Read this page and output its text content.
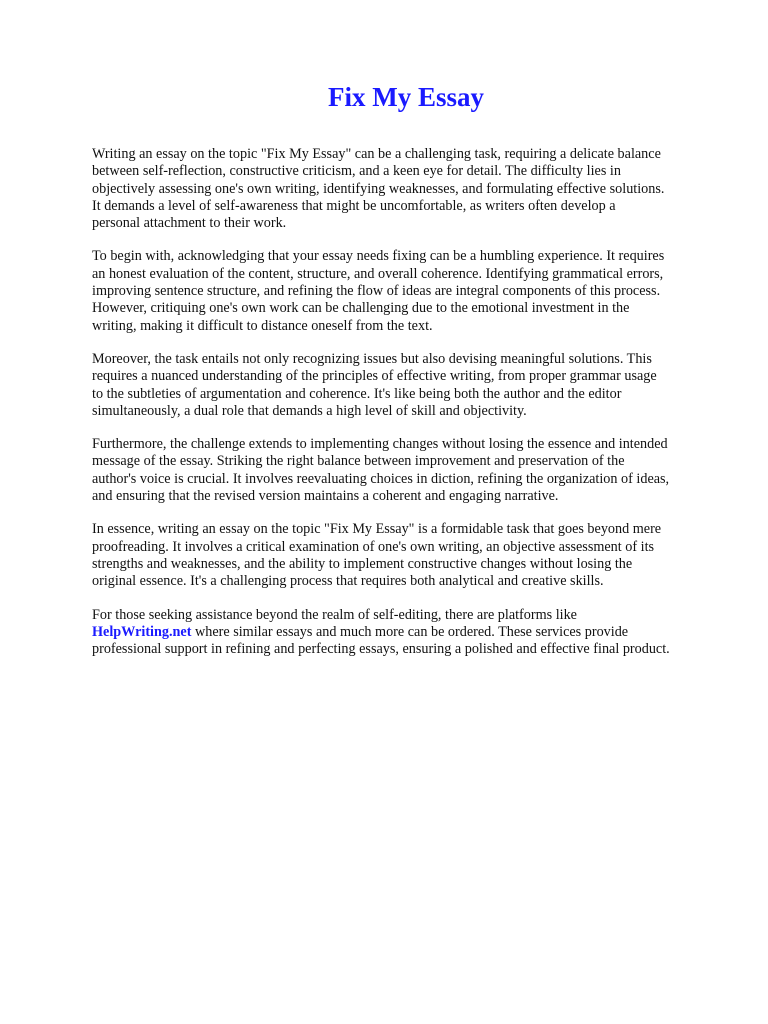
Fix My Essay

Writing an essay on the topic "Fix My Essay" can be a challenging task, requiring a delicate balance
between self-reflection, constructive criticism, and a keen eye for detail. The difficulty lies in
objectively assessing one's own writing, identifying weaknesses, and formulating effective solutions.
It demands a level of self-awareness that might be uncomfortable, as writers often develop a
personal attachment to their work.

To begin with, acknowledging that your essay needs fixing can be a humbling experience. It requires
an honest evaluation of the content, structure, and overall coherence. Identifying grammatical errors,
improving sentence structure, and refining the flow of ideas are integral components of this process.
However, critiquing one's own work can be challenging due to the emotional investment in the
writing, making it difficult to distance oneself from the text.

Moreover, the task entails not only recognizing issues but also devising meaningful solutions. This
requires a nuanced understanding of the principles of effective writing, from proper grammar usage
to the subtleties of argumentation and coherence. It's like being both the author and the editor
simultaneously, a dual role that demands a high level of skill and objectivity.

Furthermore, the challenge extends to implementing changes without losing the essence and intended
message of the essay. Striking the right balance between improvement and preservation of the
author's voice is crucial. It involves reevaluating choices in diction, refining the organization of ideas,
and ensuring that the revised version maintains a coherent and engaging narrative.

In essence, writing an essay on the topic "Fix My Essay" is a formidable task that goes beyond mere
proofreading. It involves a critical examination of one's own writing, an objective assessment of its
strengths and weaknesses, and the ability to implement constructive changes without losing the
original essence. It's a challenging process that requires both analytical and creative skills.

For those seeking assistance beyond the realm of self-editing, there are platforms like
HelpWriting.net where similar essays and much more can be ordered. These services provide
professional support in refining and perfecting essays, ensuring a polished and effective final product.
